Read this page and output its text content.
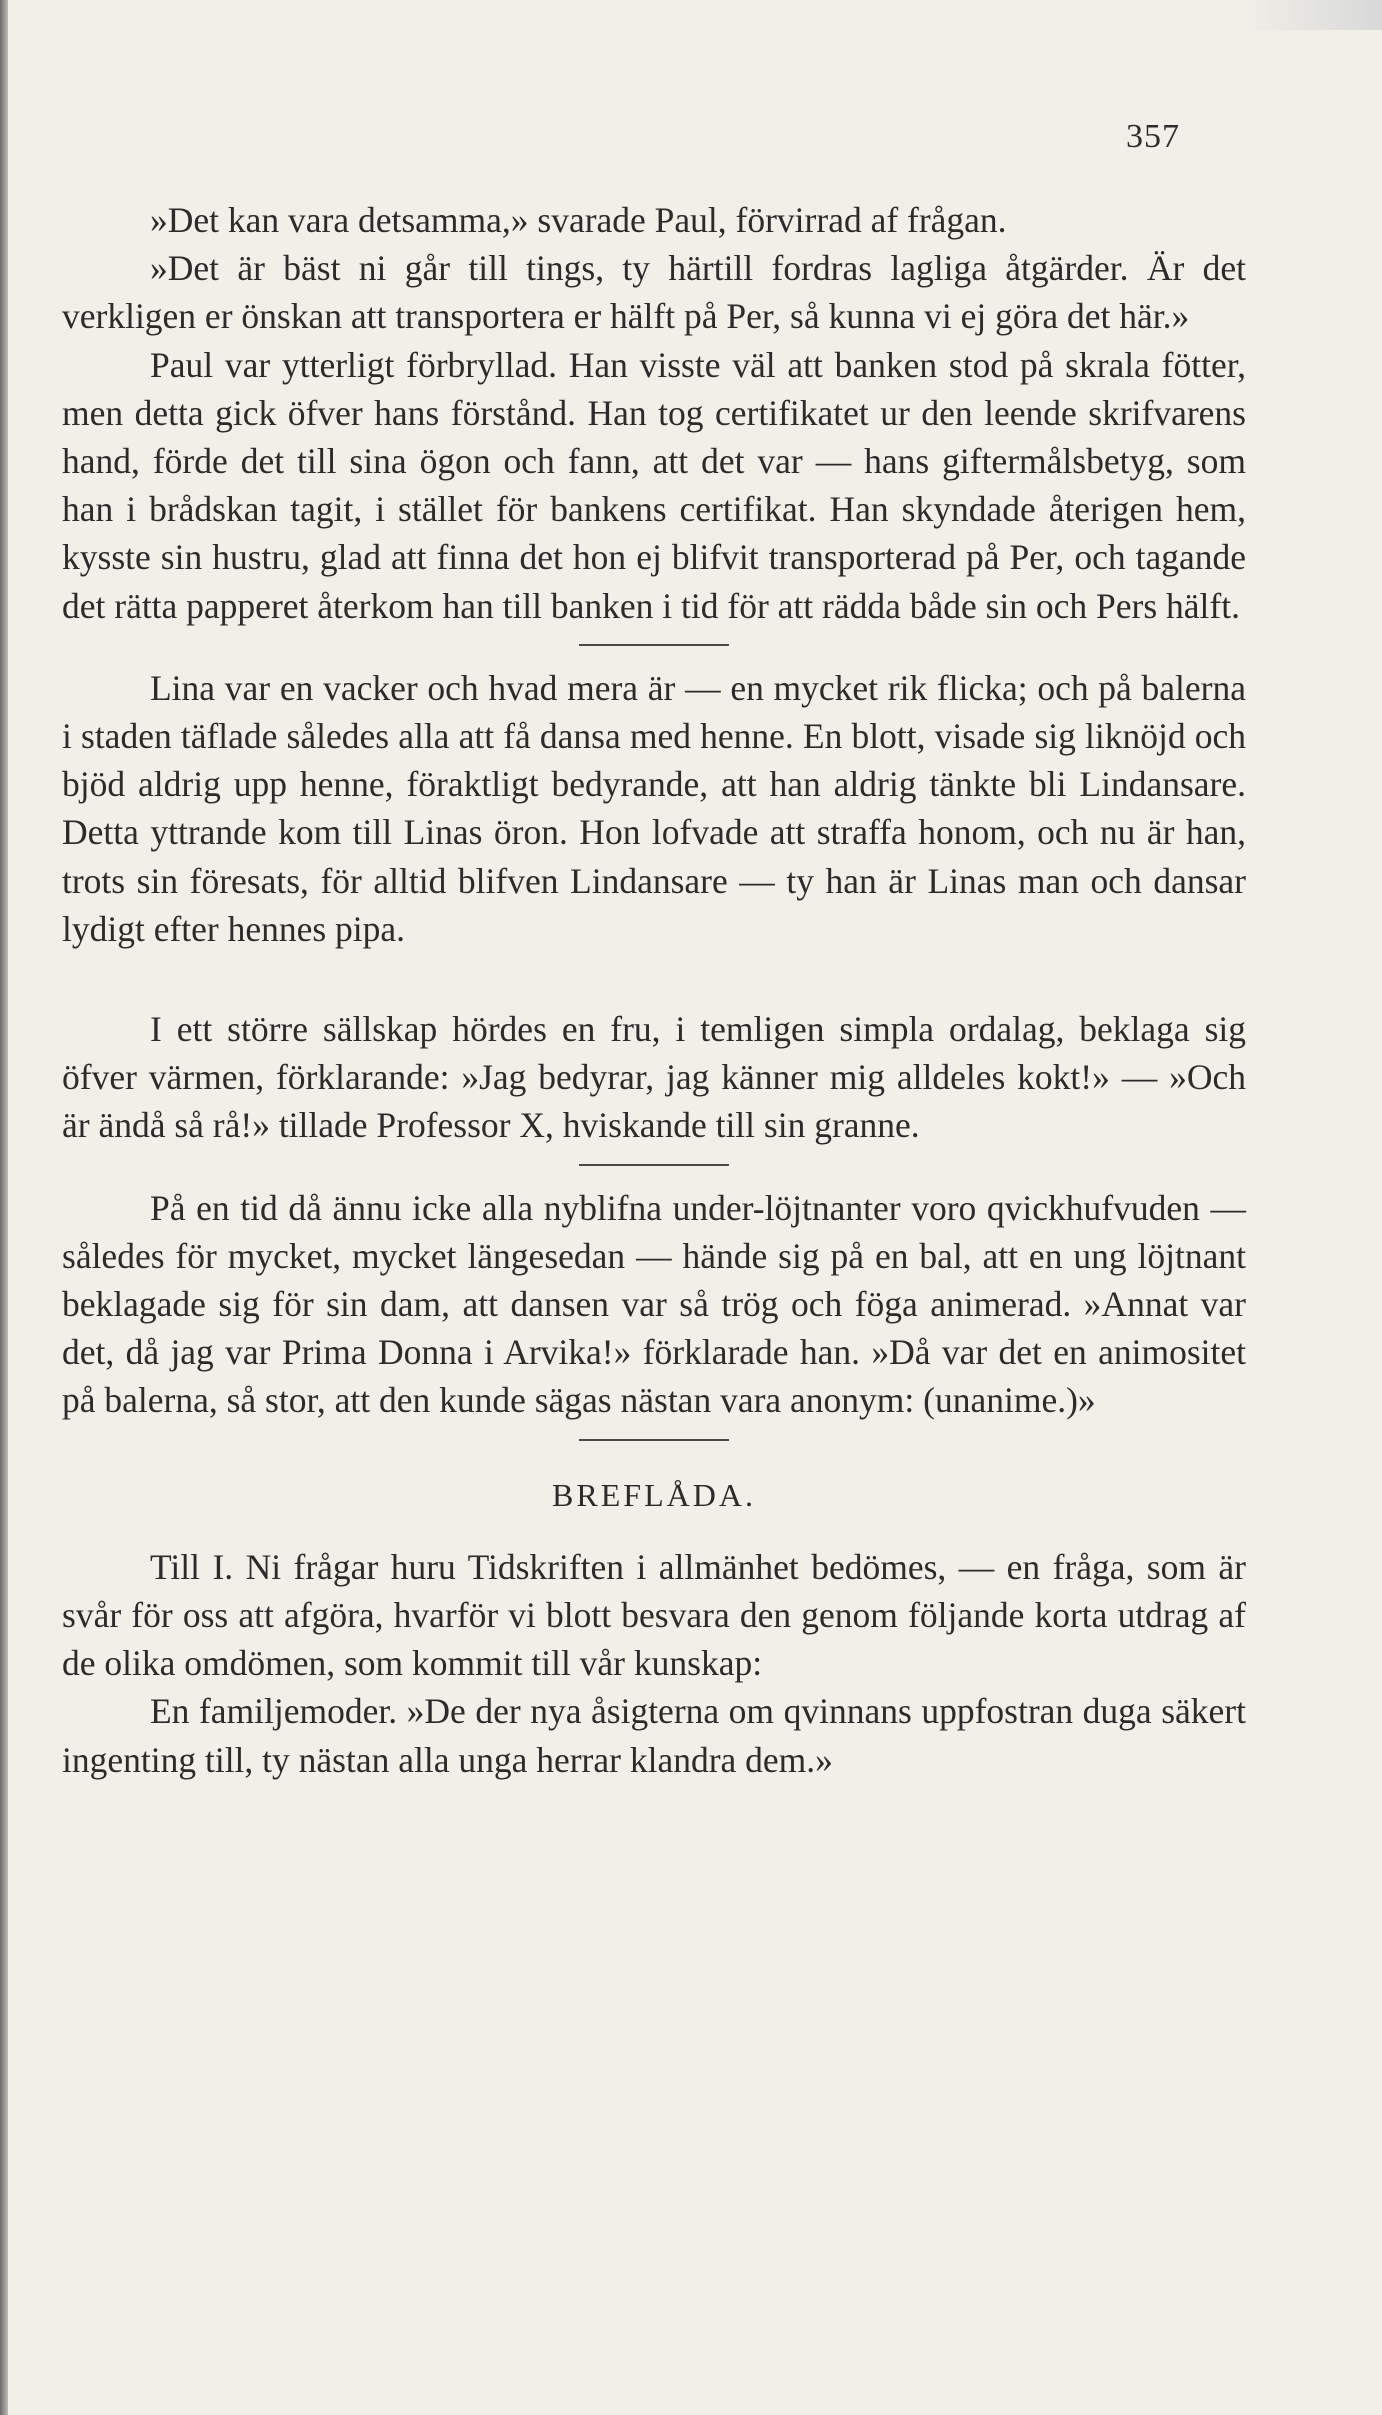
357

»Det kan vara detsamma,» svarade Paul, förvirrad af frågan.

»Det är bäst ni går till tings, ty härtill fordras lagliga åtgärder. Är det verkligen er önskan att transportera er hälft på Per, så kunna vi ej göra det här.»

Paul var ytterligt förbryllad. Han visste väl att banken stod på skrala fötter, men detta gick öfver hans förstånd. Han tog certifikatet ur den leende skrifvarens hand, förde det till sina ögon och fann, att det var — hans giftermålsbetyg, som han i brådskan tagit, i stället för bankens certifikat. Han skyndade återigen hem, kysste sin hustru, glad att finna det hon ej blifvit transporterad på Per, och tagande det rätta papperet återkom han till banken i tid för att rädda både sin och Pers hälft.

Lina var en vacker och hvad mera är — en mycket rik flicka; och på balerna i staden täflade således alla att få dansa med henne. En blott, visade sig liknöjd och bjöd aldrig upp henne, föraktligt bedyrande, att han aldrig tänkte bli Lindansare. Detta yttrande kom till Linas öron. Hon lofvade att straffa honom, och nu är han, trots sin föresats, för alltid blifven Lindansare — ty han är Linas man och dansar lydigt efter hennes pipa.

I ett större sällskap hördes en fru, i temligen simpla ordalag, beklaga sig öfver värmen, förklarande: »Jag bedyrar, jag känner mig alldeles kokt!» — »Och är ändå så rå!» tillade Professor X, hviskande till sin granne.

På en tid då ännu icke alla nyblifna under-löjtnanter voro qvickhufvuden — således för mycket, mycket längesedan — hände sig på en bal, att en ung löjtnant beklagade sig för sin dam, att dansen var så trög och föga animerad. »Annat var det, då jag var Prima Donna i Arvika!» förklarade han. »Då var det en animositet på balerna, så stor, att den kunde sägas nästan vara anonym: (unanime.)»

BREFLÅDA.

Till I. Ni frågar huru Tidskriften i allmänhet bedömes, — en fråga, som är svår för oss att afgöra, hvarför vi blott besvara den genom följande korta utdrag af de olika omdömen, som kommit till vår kunskap:

En familjemoder. »De der nya åsigterna om qvinnans uppfostran duga säkert ingenting till, ty nästan alla unga herrar klandra dem.»
